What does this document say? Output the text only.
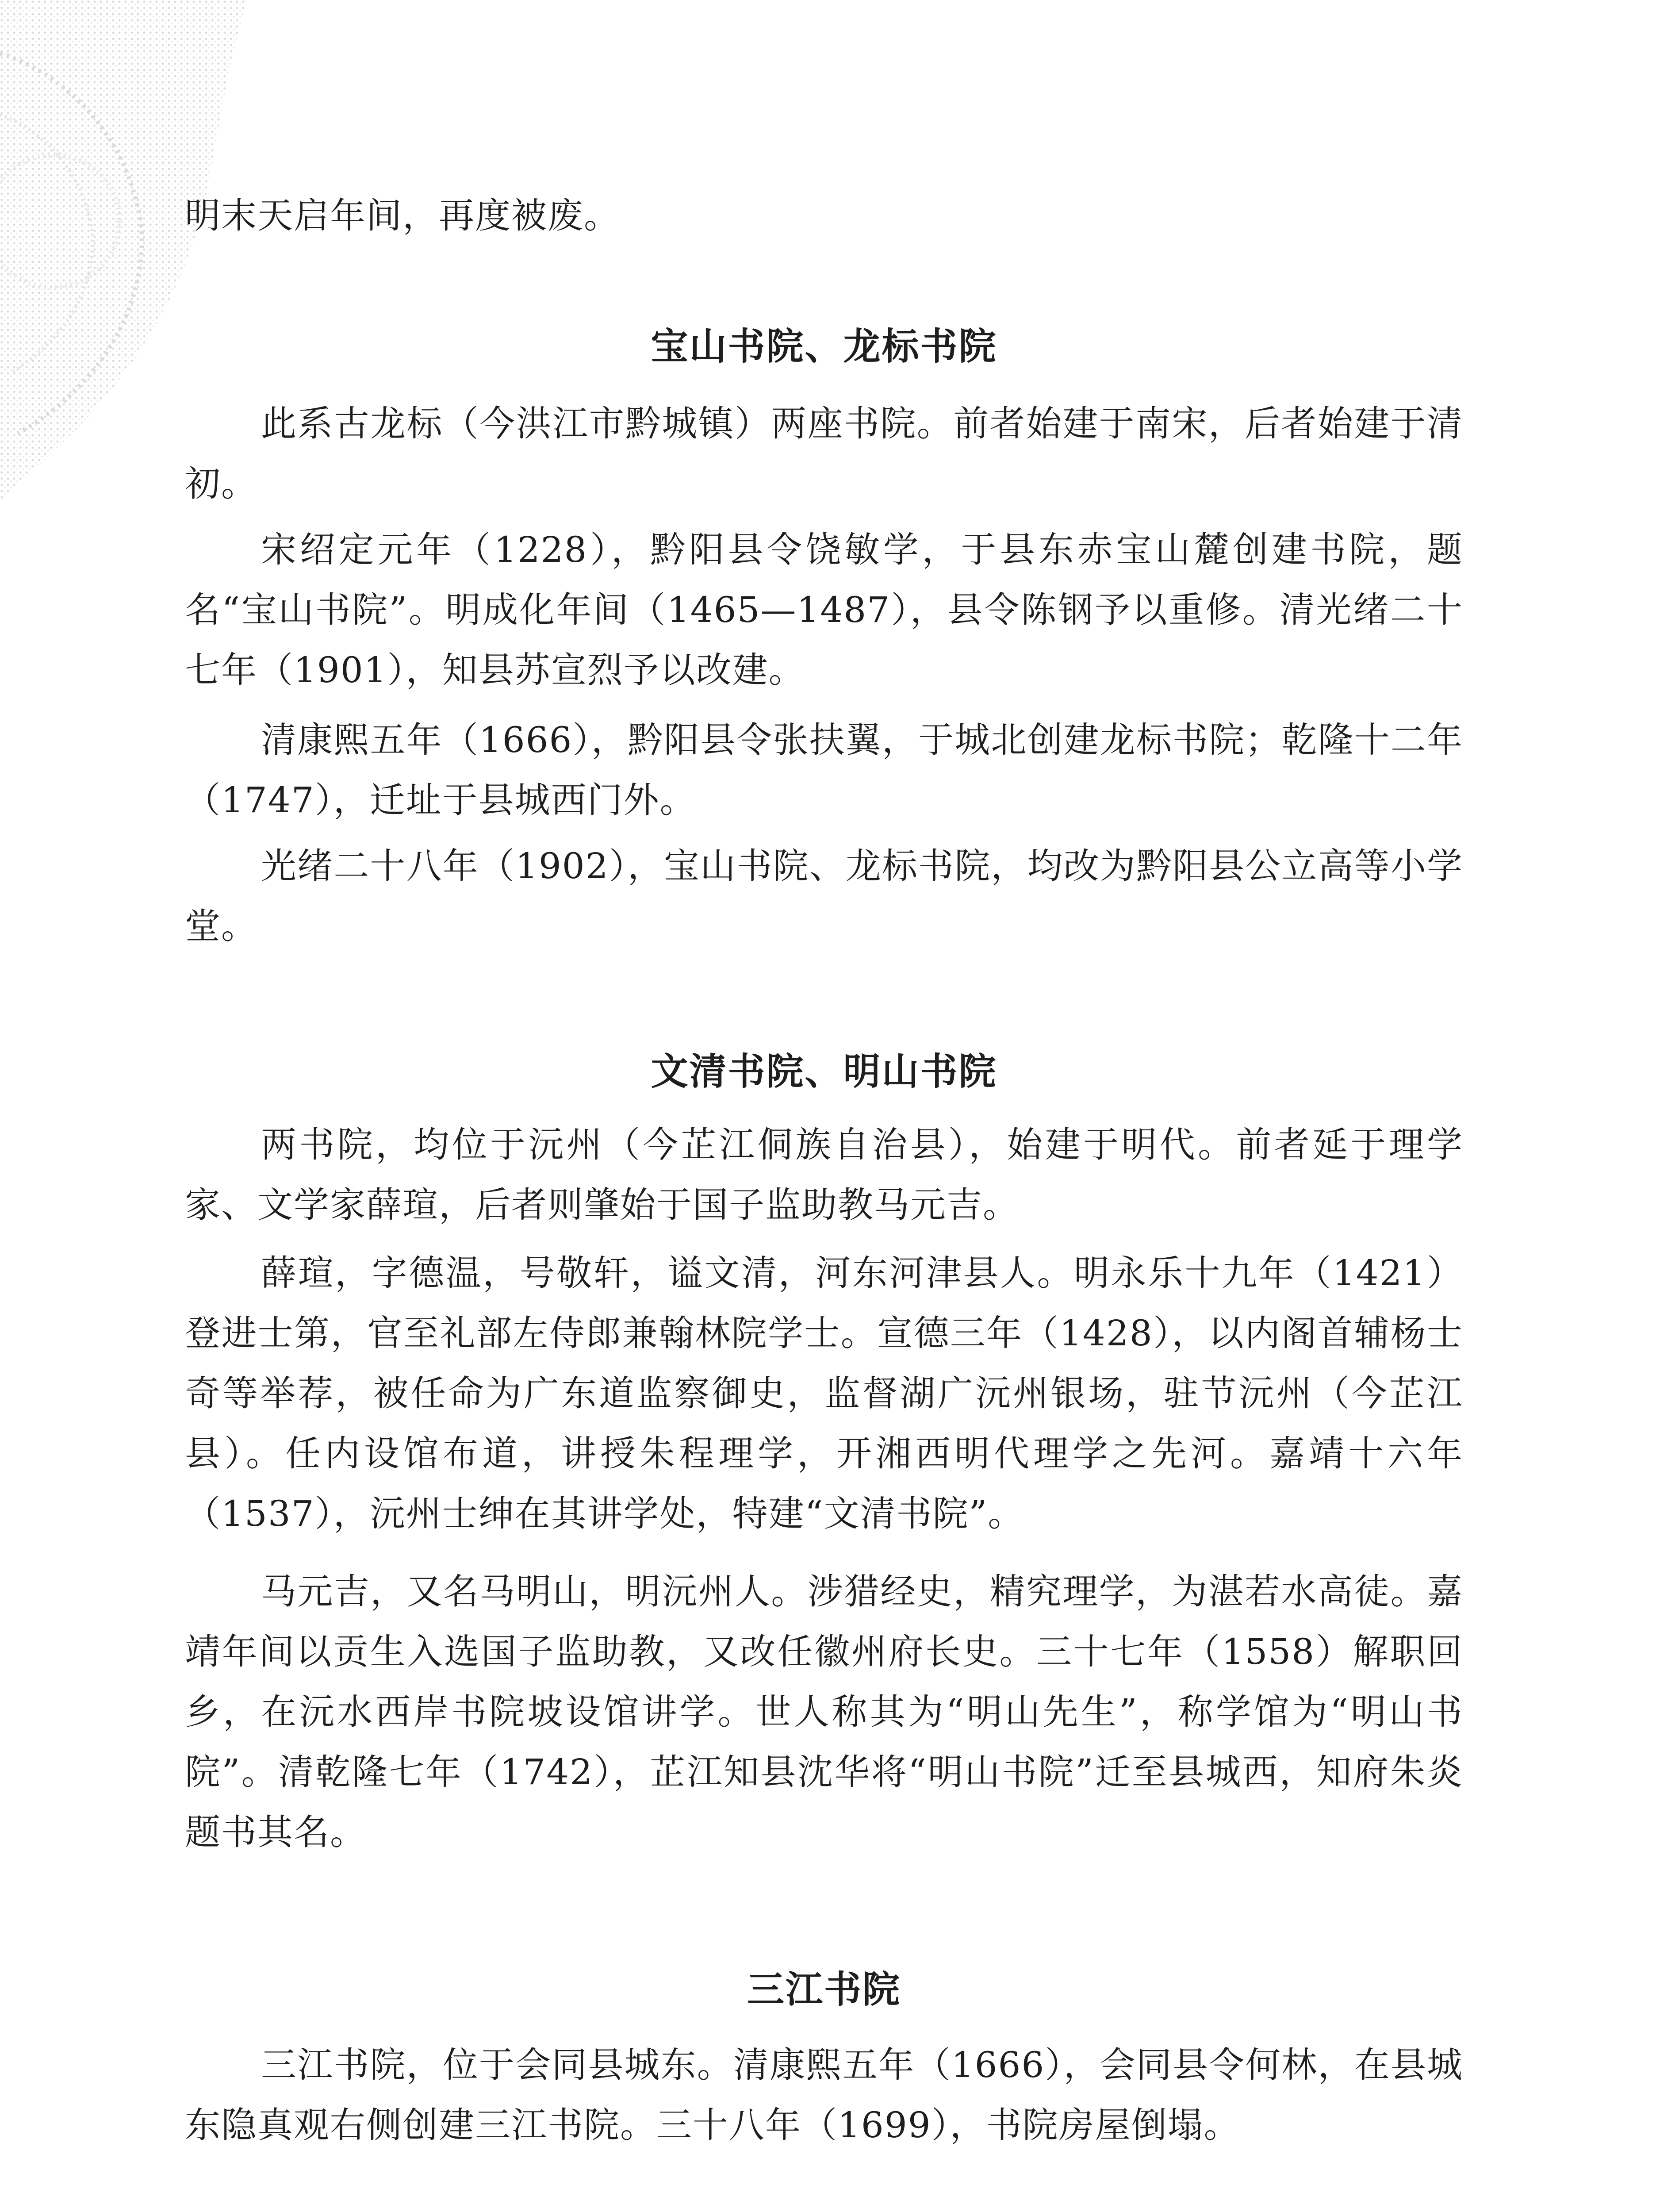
明末天启年间，再度被废。

宝山书院、龙标书院

此系古龙标（今洪江市黔城镇）两座书院。前者始建于南宋，后者始建于清初。

宋绍定元年（1228），黔阳县令饶敏学，于县东赤宝山麓创建书院，题名“宝山书院”。明成化年间（1465—1487），县令陈钢予以重修。清光绪二十七年（1901），知县苏宣烈予以改建。

清康熙五年（1666），黔阳县令张扶翼，于城北创建龙标书院；乾隆十二年（1747），迁址于县城西门外。

光绪二十八年（1902），宝山书院、龙标书院，均改为黔阳县公立高等小学堂。

文清书院、明山书院

两书院，均位于沅州（今芷江侗族自治县），始建于明代。前者延于理学家、文学家薛瑄，后者则肇始于国子监助教马元吉。

薛瑄，字德温，号敬轩，谥文清，河东河津县人。明永乐十九年（1421）登进士第，官至礼部左侍郎兼翰林院学士。宣德三年（1428），以内阁首辅杨士奇等举荐，被任命为广东道监察御史，监督湖广沅州银场，驻节沅州（今芷江县）。任内设馆布道，讲授朱程理学，开湘西明代理学之先河。嘉靖十六年（1537），沅州士绅在其讲学处，特建“文清书院”。

马元吉，又名马明山，明沅州人。涉猎经史，精究理学，为湛若水高徒。嘉靖年间以贡生入选国子监助教，又改任徽州府长史。三十七年（1558）解职回乡，在沅水西岸书院坡设馆讲学。世人称其为“明山先生”，称学馆为“明山书院”。清乾隆七年（1742），芷江知县沈华将“明山书院”迁至县城西，知府朱炎题书其名。

三江书院

三江书院，位于会同县城东。清康熙五年（1666），会同县令何林，在县城东隐真观右侧创建三江书院。三十八年（1699），书院房屋倒塌。
